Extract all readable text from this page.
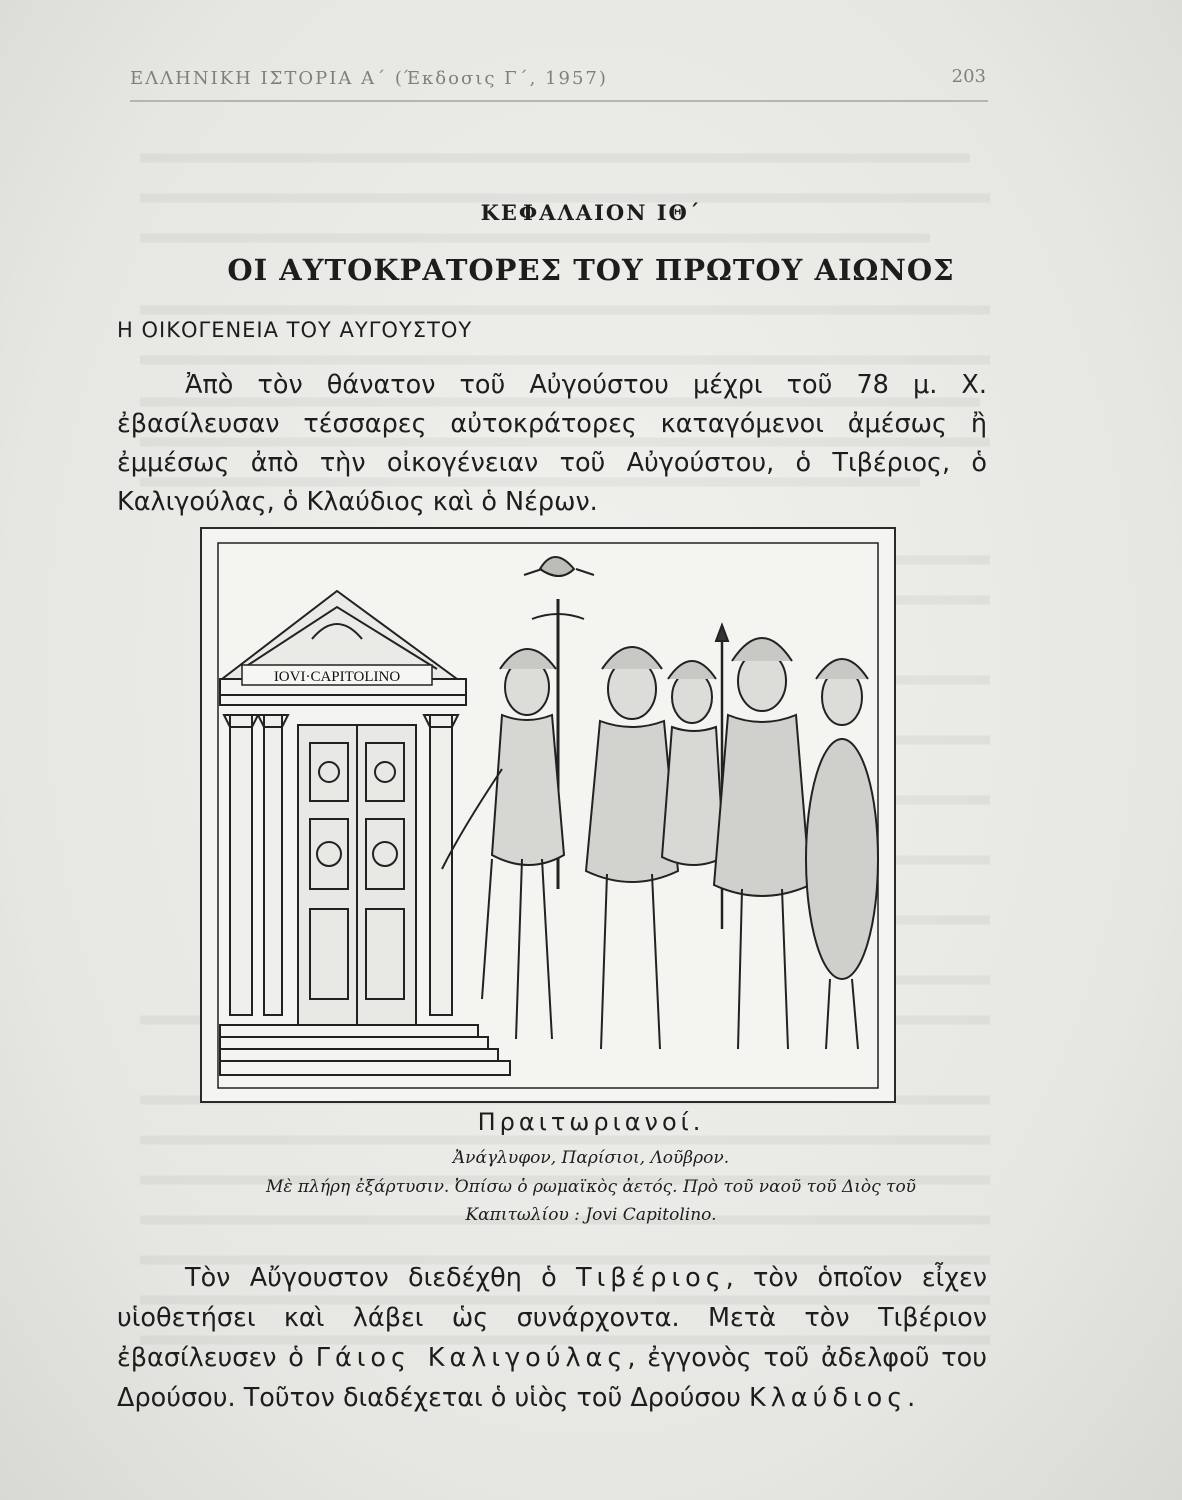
ΕΛΛΗΝΙΚΗ ΙΣΤΟΡΙΑ Α΄ (Έκδοσις Γ΄, 1957)	203
ΚΕΦΑΛΑΙΟΝ ΙΘ΄
ΟΙ ΑΥΤΟΚΡΑΤΟΡΕΣ ΤΟΥ ΠΡΩΤΟΥ ΑΙΩΝΟΣ
Η ΟΙΚΟΓΕΝΕΙΑ ΤΟΥ ΑΥΓΟΥΣΤΟΥ
Ἀπὸ τὸν θάνατον τοῦ Αὐγούστου μέχρι τοῦ 78 μ. Χ. ἐβασίλευσαν τέσσαρες αὐτοκράτορες καταγόμενοι ἀμέσως ἢ ἐμμέσως ἀπὸ τὴν οἰκογένειαν τοῦ Αὐγούστου, ὁ Τιβέριος, ὁ Καλιγούλας, ὁ Κλαύδιος καὶ ὁ Νέρων.
IOVI·CAPITOLINO
Πραιτωριανοί.
Ἀνάγλυφον, Παρίσιοι, Λοῦβρον.
Μὲ πλήρη ἐξάρτυσιν. Ὀπίσω ὁ ρωμαϊκὸς ἀετός. Πρὸ τοῦ ναοῦ τοῦ Διὸς τοῦ
Καπιτωλίου : Jovi Capitolino.
Τὸν Αὔγουστον διεδέχθη ὁ Τιβέριος, τὸν ὁποῖον εἶχεν υἱοθετήσει καὶ λάβει ὡς συνάρχοντα. Μετὰ τὸν Τιβέριον ἐβασίλευσεν ὁ Γάιος Καλιγούλας, ἐγγονὸς τοῦ ἀδελφοῦ του Δρούσου. Τοῦτον διαδέχεται ὁ υἱὸς τοῦ Δρούσου Κλαύδιος.
